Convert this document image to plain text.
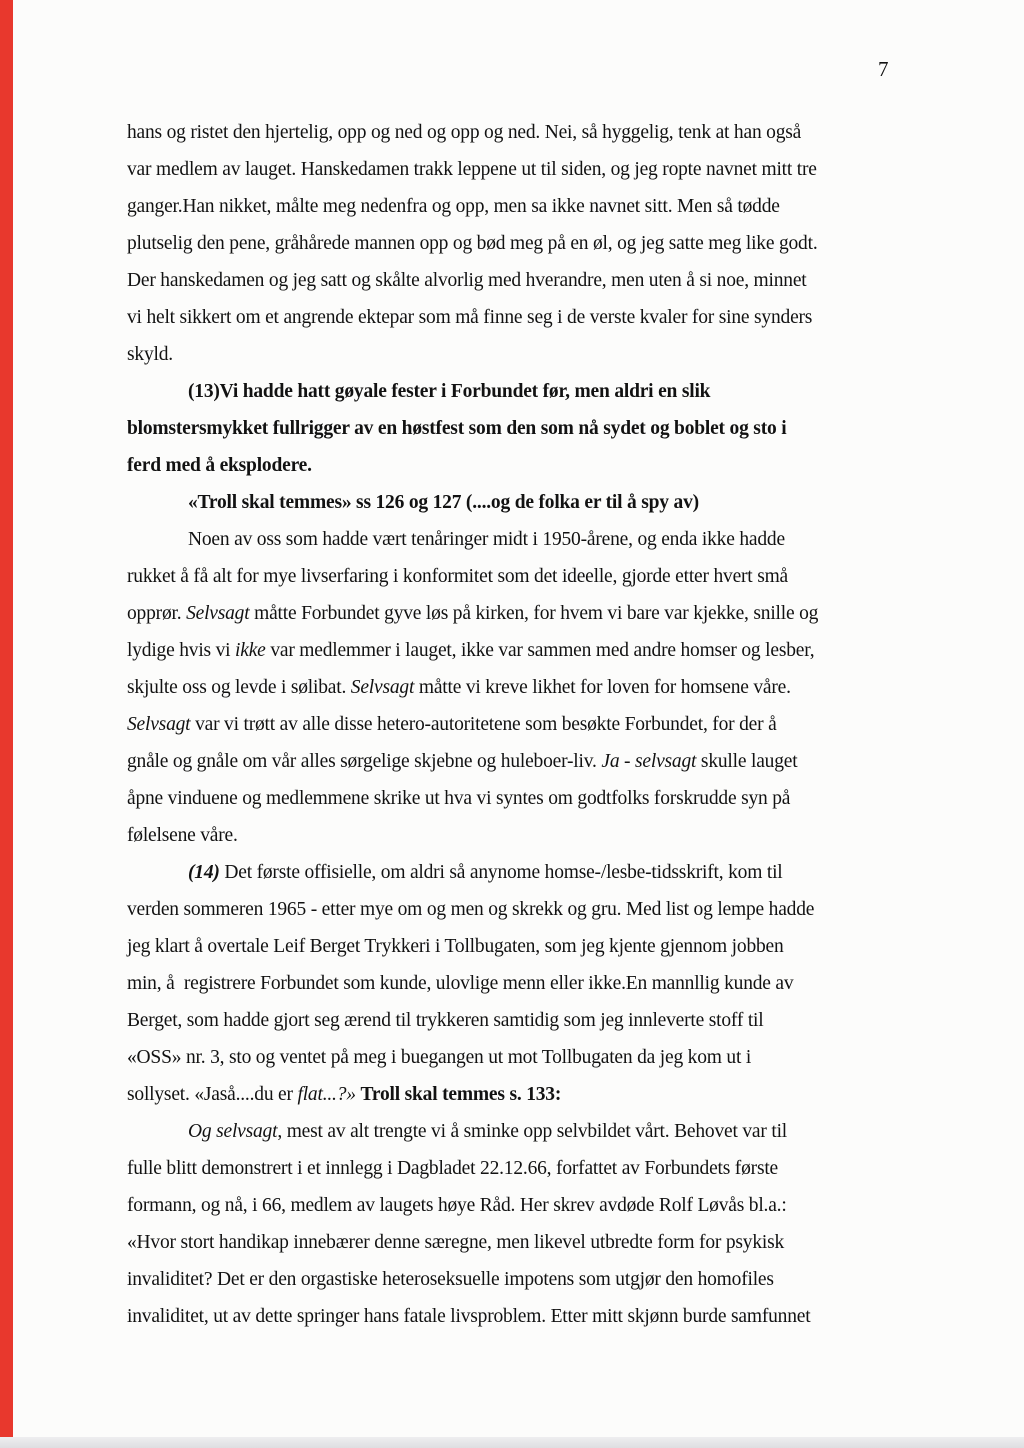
7
hans og ristet den hjertelig, opp og ned og opp og ned. Nei, så hyggelig, tenk at han også
var medlem av lauget. Hanskedamen trakk leppene ut til siden, og jeg ropte navnet mitt tre
ganger.Han nikket, målte meg nedenfra og opp, men sa ikke navnet sitt. Men så tødde
plutselig den pene, gråhårede mannen opp og bød meg på en øl, og jeg satte meg like godt.
Der hanskedamen og jeg satt og skålte alvorlig med hverandre, men uten å si noe, minnet
vi helt sikkert om et angrende ektepar som må finne seg i de verste kvaler for sine synders
skyld.
(13)Vi hadde hatt gøyale fester i Forbundet før, men aldri en slik
blomstersmykket fullrigger av en høstfest som den som nå sydet og boblet og sto i
ferd med å eksplodere.
«Troll skal temmes» ss 126 og 127 (....og de folka er til å spy av)
Noen av oss som hadde vært tenåringer midt i 1950-årene, og enda ikke hadde
rukket å få alt for mye livserfaring i konformitet som det ideelle, gjorde etter hvert små
opprør. Selvsagt måtte Forbundet gyve løs på kirken, for hvem vi bare var kjekke, snille og
lydige hvis vi ikke var medlemmer i lauget, ikke var sammen med andre homser og lesber,
skjulte oss og levde i sølibat. Selvsagt måtte vi kreve likhet for loven for homsene våre.
Selvsagt var vi trøtt av alle disse hetero-autoritetene som besøkte Forbundet, for der å
gnåle og gnåle om vår alles sørgelige skjebne og huleboer-liv. Ja - selvsagt skulle lauget
åpne vinduene og medlemmene skrike ut hva vi syntes om godtfolks forskrudde syn på
følelsene våre.
(14) Det første offisielle, om aldri så anynome homse-/lesbe-tidsskrift, kom til
verden sommeren 1965 - etter mye om og men og skrekk og gru. Med list og lempe hadde
jeg klart å overtale Leif Berget Trykkeri i Tollbugaten, som jeg kjente gjennom jobben
min, å  registrere Forbundet som kunde, ulovlige menn eller ikke.En mannllig kunde av
Berget, som hadde gjort seg ærend til trykkeren samtidig som jeg innleverte stoff til
«OSS» nr. 3, sto og ventet på meg i buegangen ut mot Tollbugaten da jeg kom ut i
sollyset. «Jaså....du er flat...?» Troll skal temmes s. 133:
Og selvsagt, mest av alt trengte vi å sminke opp selvbildet vårt. Behovet var til
fulle blitt demonstrert i et innlegg i Dagbladet 22.12.66, forfattet av Forbundets første
formann, og nå, i 66, medlem av laugets høye Råd. Her skrev avdøde Rolf Løvås bl.a.:
«Hvor stort handikap innebærer denne særegne, men likevel utbredte form for psykisk
invaliditet? Det er den orgastiske heteroseksuelle impotens som utgjør den homofiles
invaliditet, ut av dette springer hans fatale livsproblem. Etter mitt skjønn burde samfunnet
